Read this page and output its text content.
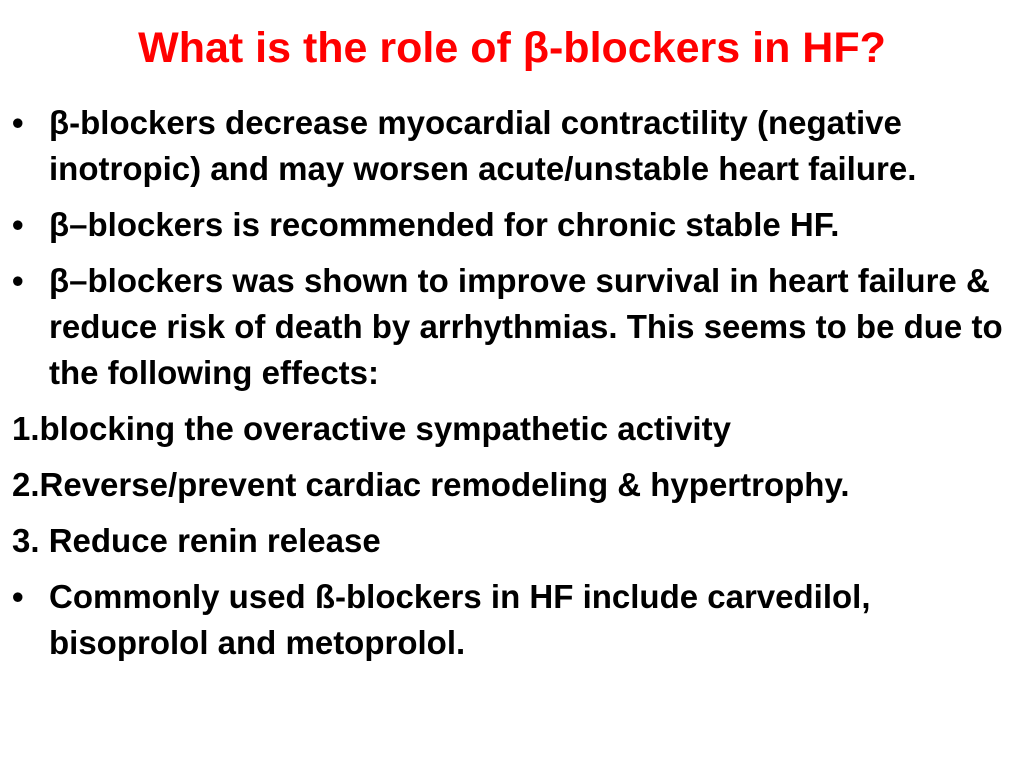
What is the role of β-blockers in HF?

• β-blockers decrease myocardial contractility (negative inotropic) and may worsen acute/unstable heart failure.

• β–blockers is recommended for chronic stable HF.

• β–blockers was shown to improve survival in heart failure & reduce risk of death by arrhythmias. This seems to be due to the following effects:

1.blocking the overactive sympathetic activity

2.Reverse/prevent cardiac remodeling & hypertrophy.

3. Reduce renin release

• Commonly used ß-blockers in HF include carvedilol, bisoprolol and metoprolol.
